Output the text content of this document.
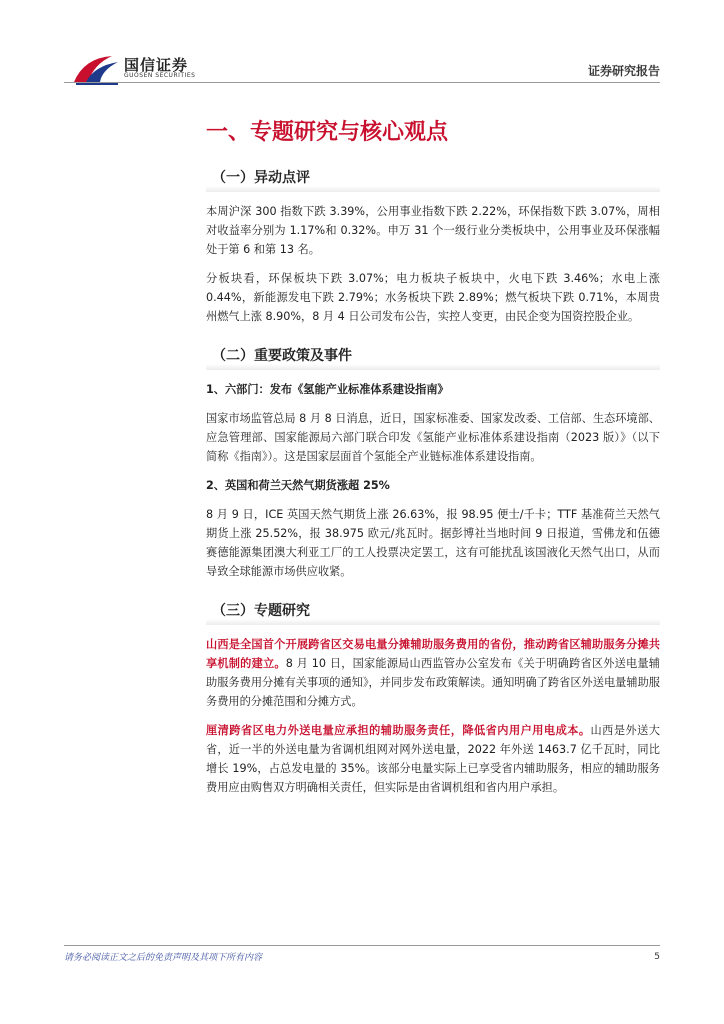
国信证券
GUOSEN SECURITIES	证券研究报告
一、专题研究与核心观点
（一）异动点评

本周沪深 300 指数下跌 3.39%，公用事业指数下跌 2.22%，环保指数下跌 3.07%，周相对收益率分别为 1.17%和 0.32%。申万 31 个一级行业分类板块中，公用事业及环保涨幅处于第 6 和第 13 名。

分板块看，环保板块下跌 3.07%；电力板块子板块中，火电下跌 3.46%；水电上涨 0.44%，新能源发电下跌 2.79%；水务板块下跌 2.89%；燃气板块下跌 0.71%，本周贵州燃气上涨 8.90%，8 月 4 日公司发布公告，实控人变更，由民企变为国资控股企业。

（二）重要政策及事件
1、六部门：发布《氢能产业标准体系建设指南》

国家市场监管总局 8 月 8 日消息，近日，国家标准委、国家发改委、工信部、生态环境部、应急管理部、国家能源局六部门联合印发《氢能产业标准体系建设指南（2023 版）》（以下简称《指南》）。这是国家层面首个氢能全产业链标准体系建设指南。

2、英国和荷兰天然气期货涨超 25%

8 月 9 日，ICE 英国天然气期货上涨 26.63%，报 98.95 便士/千卡；TTF 基准荷兰天然气期货上涨 25.52%，报 38.975 欧元/兆瓦时。据彭博社当地时间 9 日报道，雪佛龙和伍德赛德能源集团澳大利亚工厂的工人投票决定罢工，这有可能扰乱该国液化天然气出口，从而导致全球能源市场供应收紧。

（三）专题研究

山西是全国首个开展跨省区交易电量分摊辅助服务费用的省份，推动跨省区辅助服务分摊共享机制的建立。8 月 10 日，国家能源局山西监管办公室发布《关于明确跨省区外送电量辅助服务费用分摊有关事项的通知》，并同步发布政策解读。通知明确了跨省区外送电量辅助服务费用的分摊范围和分摊方式。

厘清跨省区电力外送电量应承担的辅助服务责任，降低省内用户用电成本。山西是外送大省，近一半的外送电量为省调机组网对网外送电量，2022 年外送 1463.7 亿千瓦时，同比增长 19%，占总发电量的 35%。该部分电量实际上已享受省内辅助服务，相应的辅助服务费用应由购售双方明确相关责任，但实际是由省调机组和省内用户承担。

请务必阅读正文之后的免责声明及其项下所有内容	5
